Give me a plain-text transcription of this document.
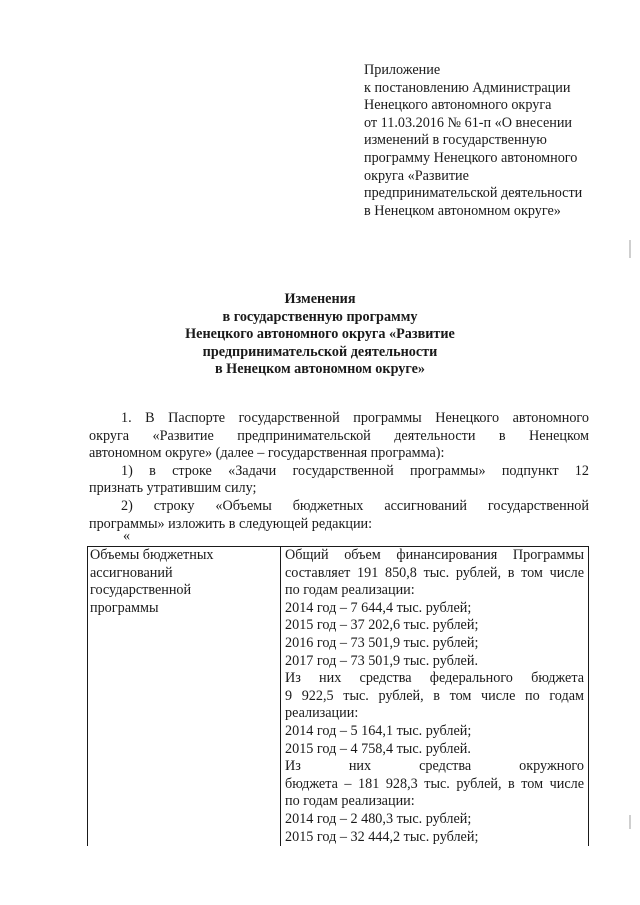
Приложение
к постановлению Администрации
Ненецкого автономного округа
от 11.03.2016 № 61-п «О внесении
изменений в государственную
программу Ненецкого автономного
округа «Развитие
предпринимательской деятельности
в Ненецком автономном округе»
Изменения
в государственную программу
Ненецкого автономного округа «Развитие
предпринимательской деятельности
в Ненецком автономном округе»
1. В Паспорте государственной программы Ненецкого автономного
округа «Развитие предпринимательской деятельности в Ненецком
автономном округе» (далее – государственная программа):
1) в строке «Задачи государственной программы» подпункт 12
признать утратившим силу;
2) строку «Объемы бюджетных ассигнований государственной
программы» изложить в следующей редакции:
«
Объемы бюджетных
ассигнований
государственной
программы

Общий объем финансирования Программы
составляет 191 850,8 тыс. рублей, в том числе
по годам реализации:
2014 год – 7 644,4 тыс. рублей;
2015 год – 37 202,6 тыс. рублей;
2016 год – 73 501,9 тыс. рублей;
2017 год – 73 501,9 тыс. рублей.
Из них средства федерального бюджета
9 922,5 тыс. рублей, в том числе по годам
реализации:
2014 год – 5 164,1 тыс. рублей;
2015 год – 4 758,4 тыс. рублей.
Из них средства окружного
бюджета – 181 928,3 тыс. рублей, в том числе
по годам реализации:
2014 год – 2 480,3 тыс. рублей;
2015 год – 32 444,2 тыс. рублей;
